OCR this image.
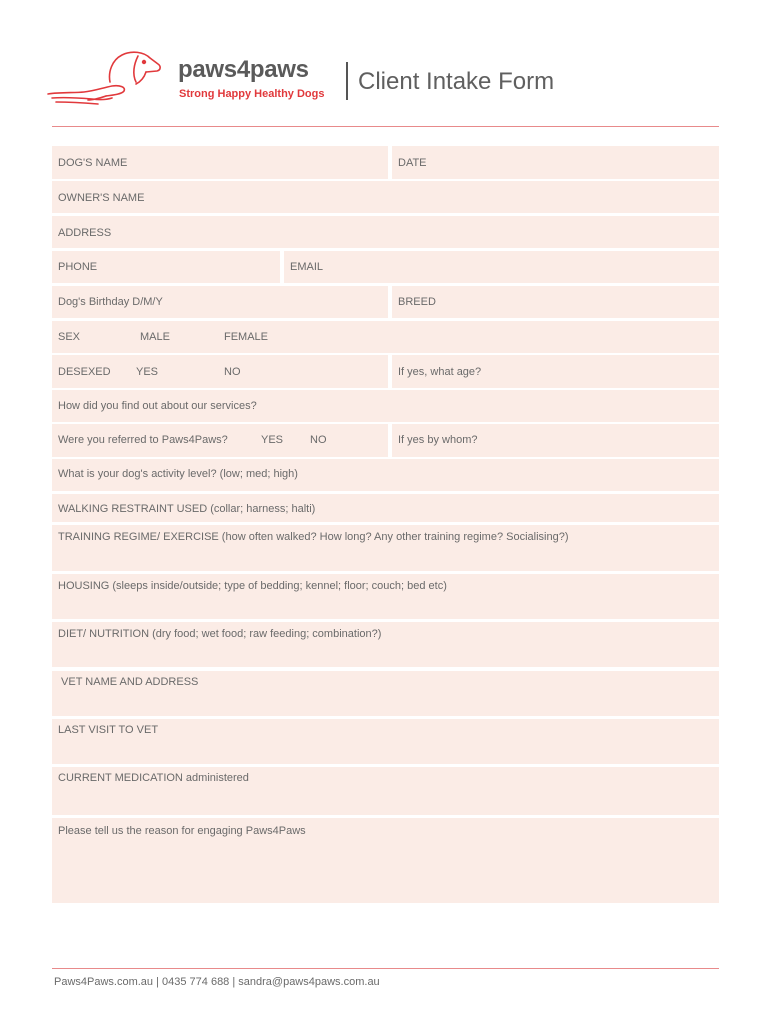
paws4paws
Strong Happy Healthy Dogs Client Intake Form
DOG'S NAME	DATE
OWNER'S NAME
ADDRESS
PHONE	EMAIL
Dog's Birthday D/M/Y	BREED
SEX	MALE	FEMALE
DESEXED YES	NO	If yes, what age?
How did you find out about our services?
Were you referred to Paws4Paws?	YES NO	If yes by whom?
What is your dog's activity level? (low; med; high)
WALKING RESTRAINT USED (collar; harness; halti)
TRAINING REGIME/ EXERCISE (how often walked? How long? Any other training regime? Socialising?)
HOUSING (sleeps inside/outside; type of bedding; kennel; floor; couch; bed etc)
DIET/ NUTRITION (dry food; wet food; raw feeding; combination?)
VET NAME AND ADDRESS
LAST VISIT TO VET
CURRENT MEDICATION administered
Please tell us the reason for engaging Paws4Paws
Paws4Paws.com.au | 0435 774 688 | sandra@paws4paws.com.au
